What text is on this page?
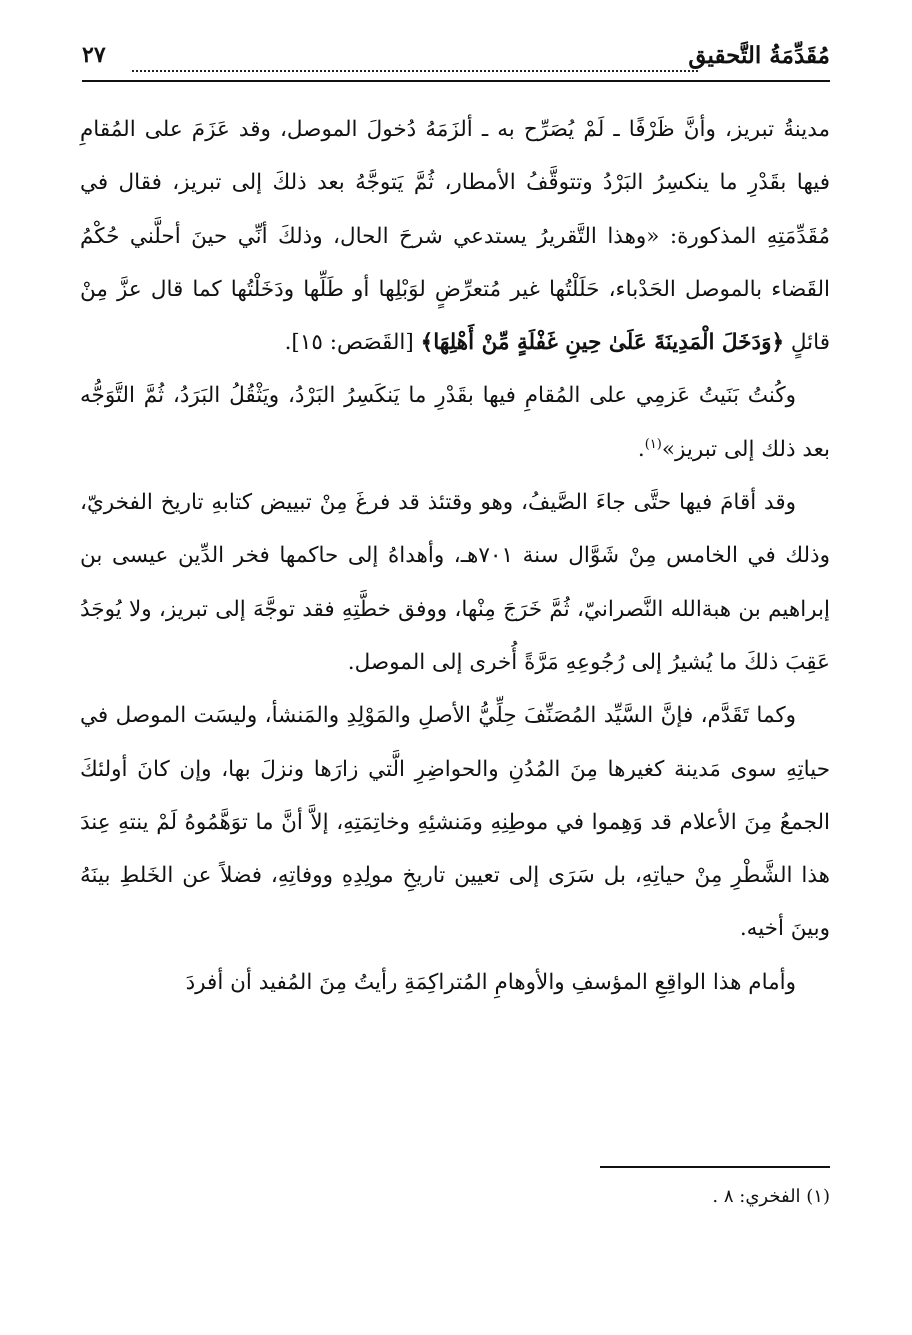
مُقَدِّمَةُ التَّحقيق
٢٧

مدينةُ تبريز، وأنَّ ظَرْفًا ـ لَمْ يُصَرِّح به ـ ألزَمَهُ دُخولَ الموصل، وقد عَزَمَ على المُقامِ فيها بقَدْرِ ما ينكسِرُ البَرْدُ وتتوقَّفُ الأمطار، ثُمَّ يَتوجَّهُ بعد ذلكَ إلى تبريز، فقال في مُقَدِّمَتِهِ المذكورة: «وهذا التَّقريرُ يستدعي شرحَ الحال، وذلكَ أنِّي حينَ أحلَّني حُكْمُ القَضاء بالموصل الحَدْباء، حَلَلْتُها غير مُتعرِّضٍ لوَبْلِها أو طَلِّها ودَخَلْتُها كما قال عزَّ مِنْ قائلٍ ﴿وَدَخَلَ الْمَدِينَةَ عَلَىٰ حِينِ غَفْلَةٍ مِّنْ أَهْلِهَا﴾ [القَصَص: ١٥].

وكُنتُ بَنَيتُ عَزمِي على المُقامِ فيها بقَدْرِ ما يَنكَسِرُ البَرْدُ، ويَثْقُلُ البَرَدُ، ثُمَّ التَّوَجُّه بعد ذلك إلى تبريز»$^{(١)}$.

وقد أقامَ فيها حتَّى جاءَ الصَّيفُ، وهو وقتئذ قد فرغَ مِنْ تبييض كتابهِ تاريخ الفخريّ، وذلك في الخامس مِنْ شَوَّال سنة ٧٠١هـ، وأهداهُ إلى حاكمها فخر الدِّين عيسى بن إبراهيم بن هبةالله النَّصرانيّ، ثُمَّ خَرَجَ مِنْها، ووفق خطَّتِهِ فقد توجَّهَ إلى تبريز، ولا يُوجَدُ عَقِبَ ذلكَ ما يُشيرُ إلى رُجُوعِهِ مَرَّةً أُخرى إلى الموصل.

وكما تَقَدَّم، فإنَّ السَّيِّد المُصَنِّفَ حِلِّيُّ الأصلِ والمَوْلِدِ والمَنشأ، وليسَت الموصل في حياتِهِ سوى مَدينة كغيرها مِنَ المُدُنِ والحواضِرِ الَّتي زارَها ونزلَ بها، وإن كانَ أولئكَ الجمعُ مِنَ الأعلام قد وَهِموا في موطِنِهِ ومَنشئِهِ وخاتِمَتِهِ، إلاَّ أنَّ ما توَهَّمُوهُ لَمْ ينتهِ عِندَ هذا الشَّطْرِ مِنْ حياتِهِ، بل سَرَى إلى تعيين تاريخِ مولِدِهِ ووفاتِهِ، فضلاً عن الخَلطِ بينَهُ وبينَ أخيه.

وأمام هذا الواقِعِ المؤسفِ والأوهامِ المُتراكِمَةِ رأيتُ مِنَ المُفيد أن أفردَ

(١) الفخري: ٨ .
